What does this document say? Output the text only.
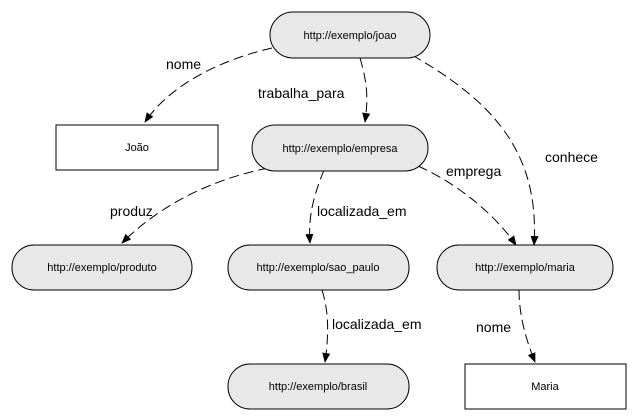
nome
trabalha_para
conhece
produz	localizada_em
emprega
localizada_em	nome
http://exemplo/joao
João	http://exemplo/empresa
http://exemplo/produto	http://exemplo/sao_paulo	http://exemplo/maria
http://exemplo/brasil	Maria
